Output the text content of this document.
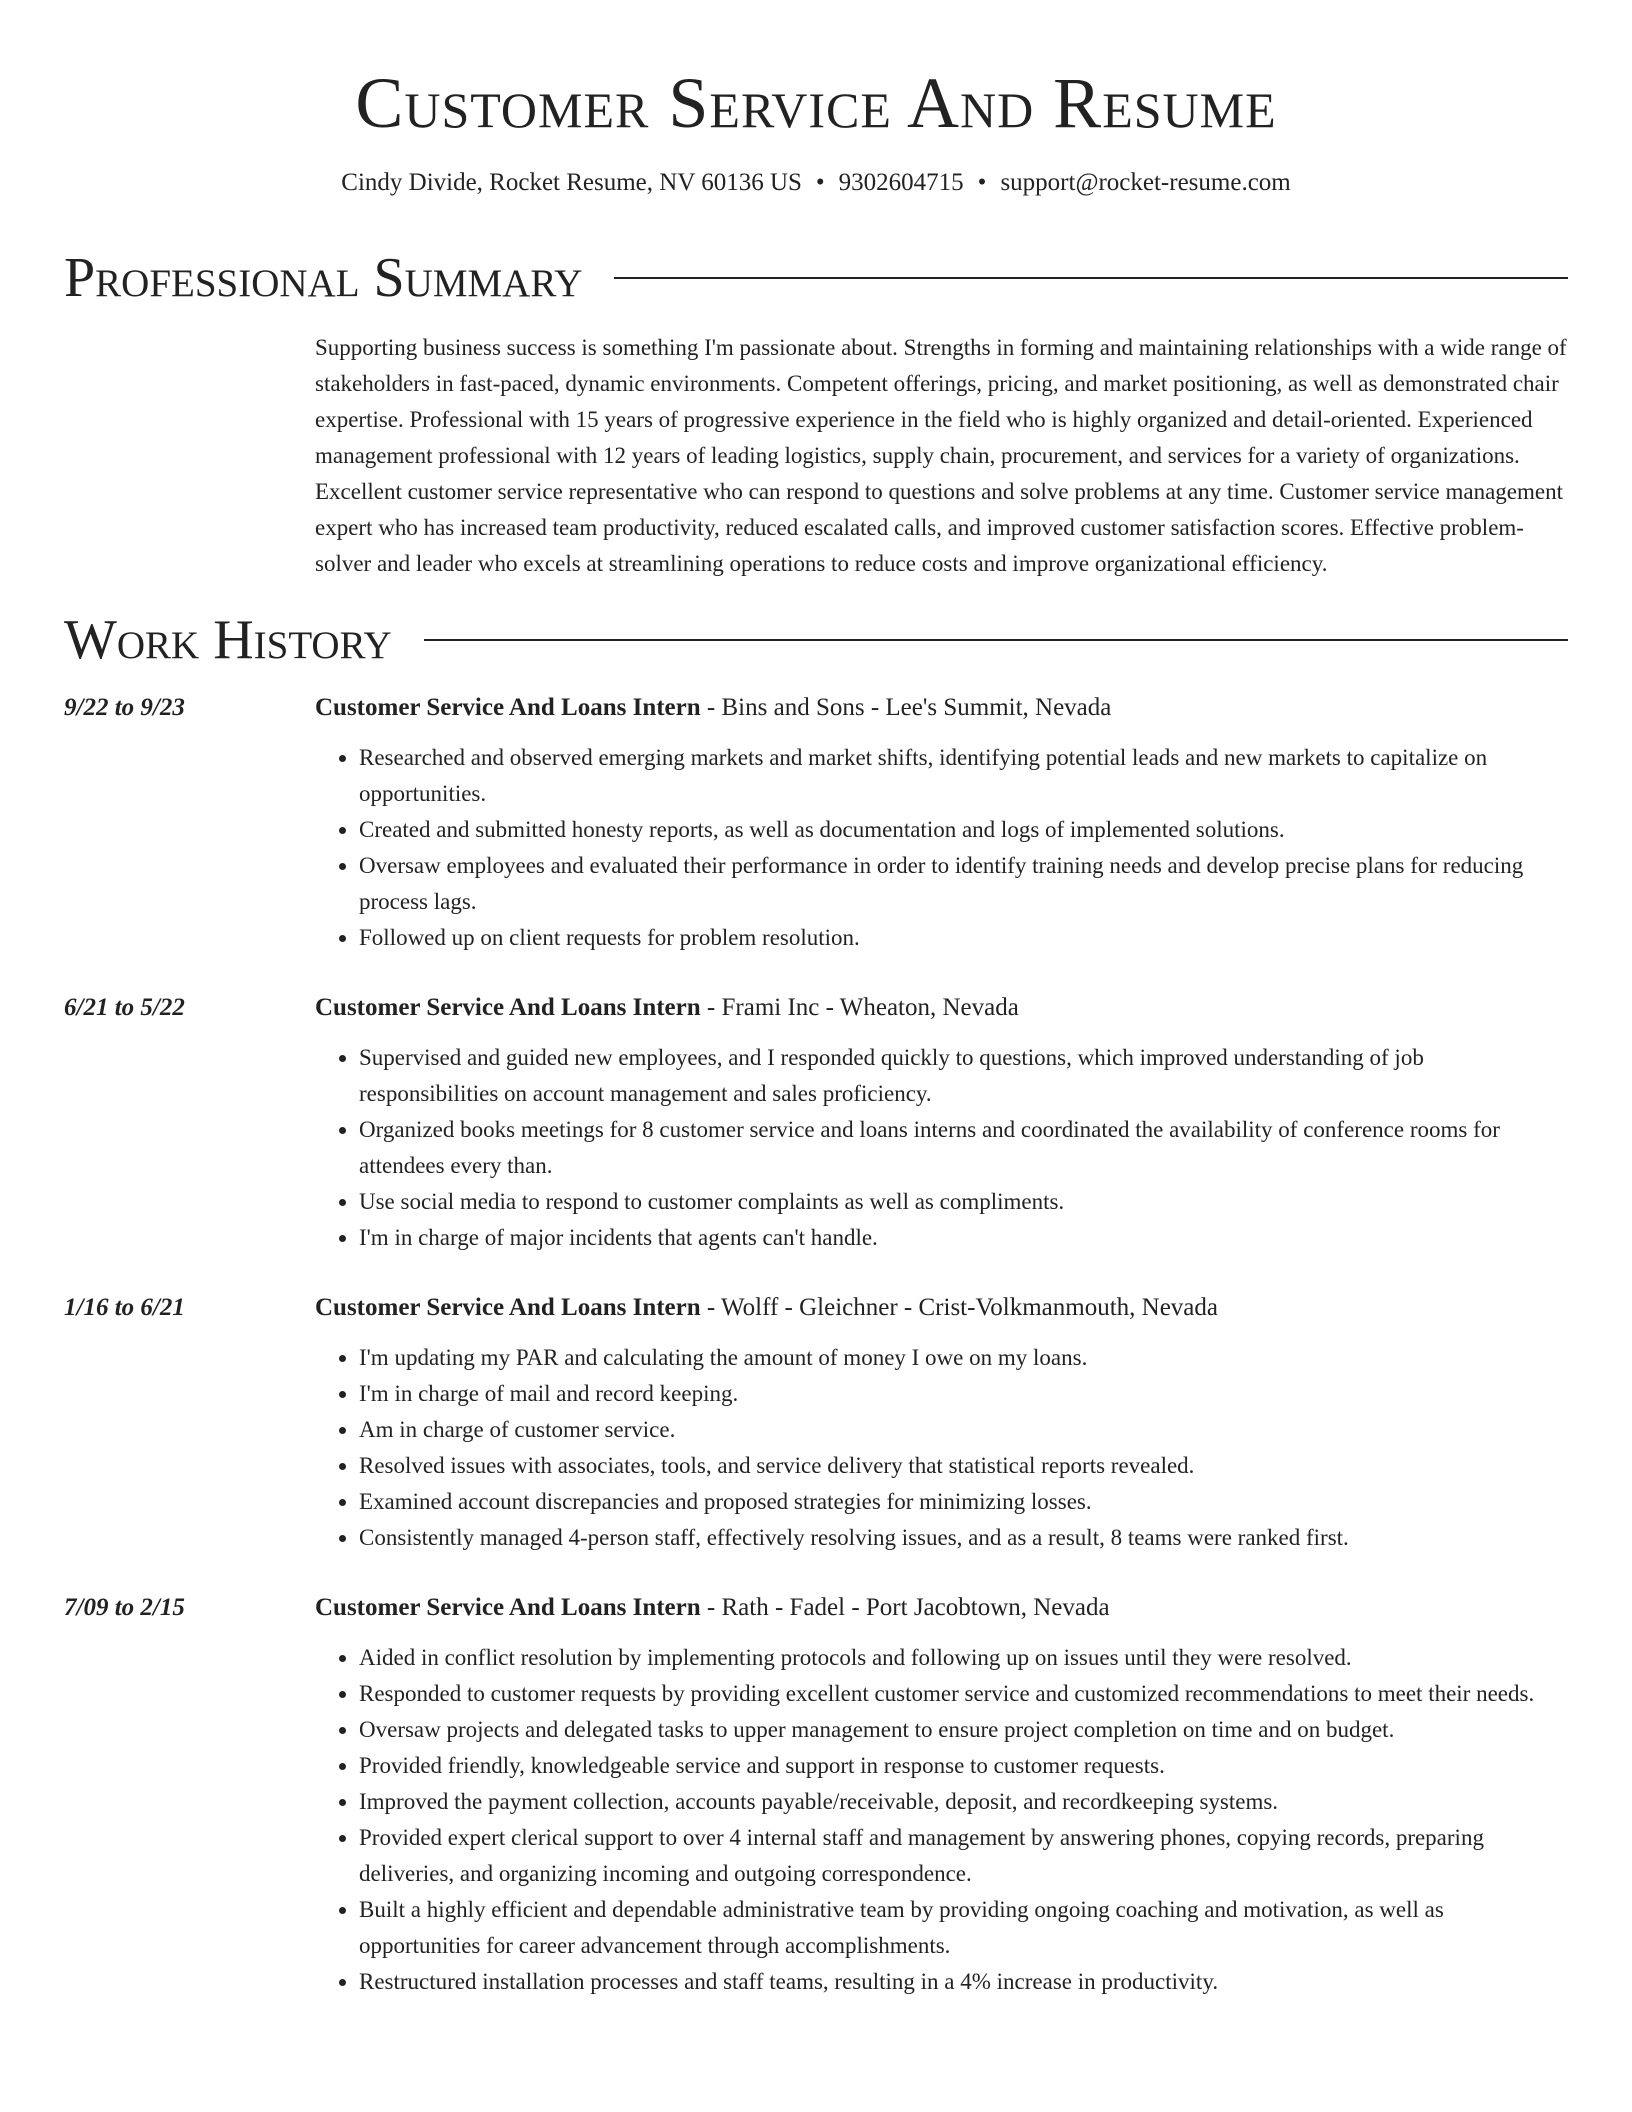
Customer Service And Resume
Cindy Divide, Rocket Resume, NV 60136 US • 9302604715 • support@rocket-resume.com
Professional Summary
Supporting business success is something I'm passionate about. Strengths in forming and maintaining relationships with a wide range of stakeholders in fast-paced, dynamic environments. Competent offerings, pricing, and market positioning, as well as demonstrated chair expertise. Professional with 15 years of progressive experience in the field who is highly organized and detail-oriented. Experienced management professional with 12 years of leading logistics, supply chain, procurement, and services for a variety of organizations. Excellent customer service representative who can respond to questions and solve problems at any time. Customer service management expert who has increased team productivity, reduced escalated calls, and improved customer satisfaction scores. Effective problem-solver and leader who excels at streamlining operations to reduce costs and improve organizational efficiency.
Work History
9/22 to 9/23	Customer Service And Loans Intern - Bins and Sons - Lee's Summit, Nevada
• Researched and observed emerging markets and market shifts, identifying potential leads and new markets to capitalize on opportunities.
• Created and submitted honesty reports, as well as documentation and logs of implemented solutions.
• Oversaw employees and evaluated their performance in order to identify training needs and develop precise plans for reducing process lags.
• Followed up on client requests for problem resolution.
6/21 to 5/22	Customer Service And Loans Intern - Frami Inc - Wheaton, Nevada
• Supervised and guided new employees, and I responded quickly to questions, which improved understanding of job responsibilities on account management and sales proficiency.
• Organized books meetings for 8 customer service and loans interns and coordinated the availability of conference rooms for attendees every than.
• Use social media to respond to customer complaints as well as compliments.
• I'm in charge of major incidents that agents can't handle.
1/16 to 6/21	Customer Service And Loans Intern - Wolff - Gleichner - Crist-Volkmanmouth, Nevada
• I'm updating my PAR and calculating the amount of money I owe on my loans.
• I'm in charge of mail and record keeping.
• Am in charge of customer service.
• Resolved issues with associates, tools, and service delivery that statistical reports revealed.
• Examined account discrepancies and proposed strategies for minimizing losses.
• Consistently managed 4-person staff, effectively resolving issues, and as a result, 8 teams were ranked first.
7/09 to 2/15	Customer Service And Loans Intern - Rath - Fadel - Port Jacobtown, Nevada
• Aided in conflict resolution by implementing protocols and following up on issues until they were resolved.
• Responded to customer requests by providing excellent customer service and customized recommendations to meet their needs.
• Oversaw projects and delegated tasks to upper management to ensure project completion on time and on budget.
• Provided friendly, knowledgeable service and support in response to customer requests.
• Improved the payment collection, accounts payable/receivable, deposit, and recordkeeping systems.
• Provided expert clerical support to over 4 internal staff and management by answering phones, copying records, preparing deliveries, and organizing incoming and outgoing correspondence.
• Built a highly efficient and dependable administrative team by providing ongoing coaching and motivation, as well as opportunities for career advancement through accomplishments.
• Restructured installation processes and staff teams, resulting in a 4% increase in productivity.
